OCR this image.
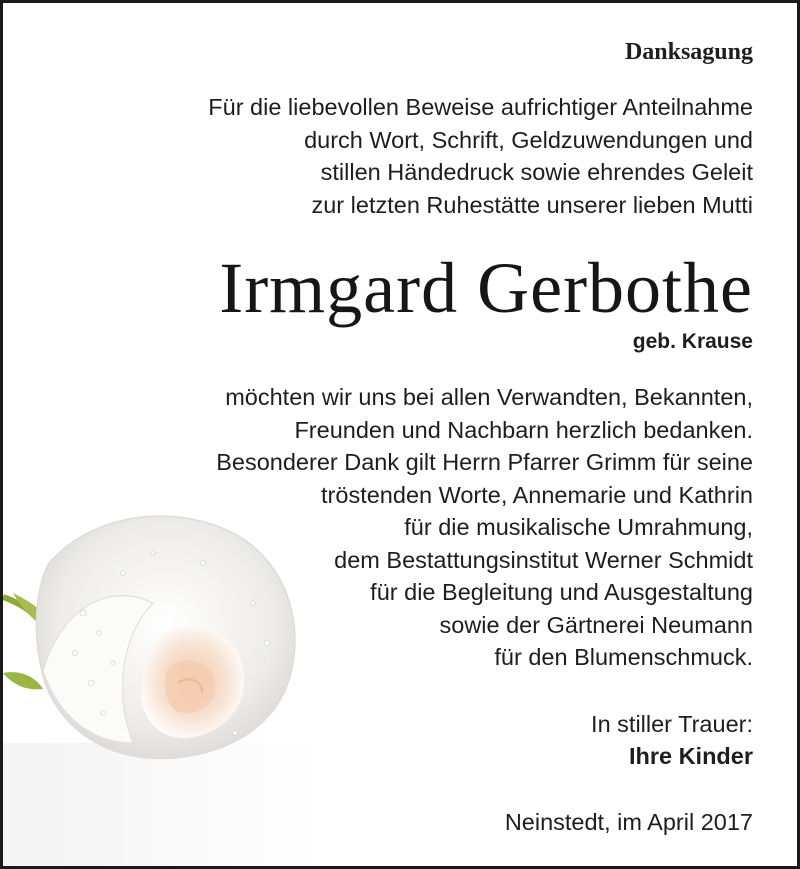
Danksagung
Für die liebevollen Beweise aufrichtiger Anteilnahme
durch Wort, Schrift, Geldzuwendungen und
stillen Händedruck sowie ehrendes Geleit
zur letzten Ruhestätte unserer lieben Mutti
Irmgard Gerbothe
geb. Krause
möchten wir uns bei allen Verwandten, Bekannten,
Freunden und Nachbarn herzlich bedanken.
Besonderer Dank gilt Herrn Pfarrer Grimm für seine
tröstenden Worte, Annemarie und Kathrin
für die musikalische Umrahmung,
dem Bestattungsinstitut Werner Schmidt
für die Begleitung und Ausgestaltung
sowie der Gärtnerei Neumann
für den Blumenschmuck.
In stiller Trauer:
Ihre Kinder
Neinstedt, im April 2017
